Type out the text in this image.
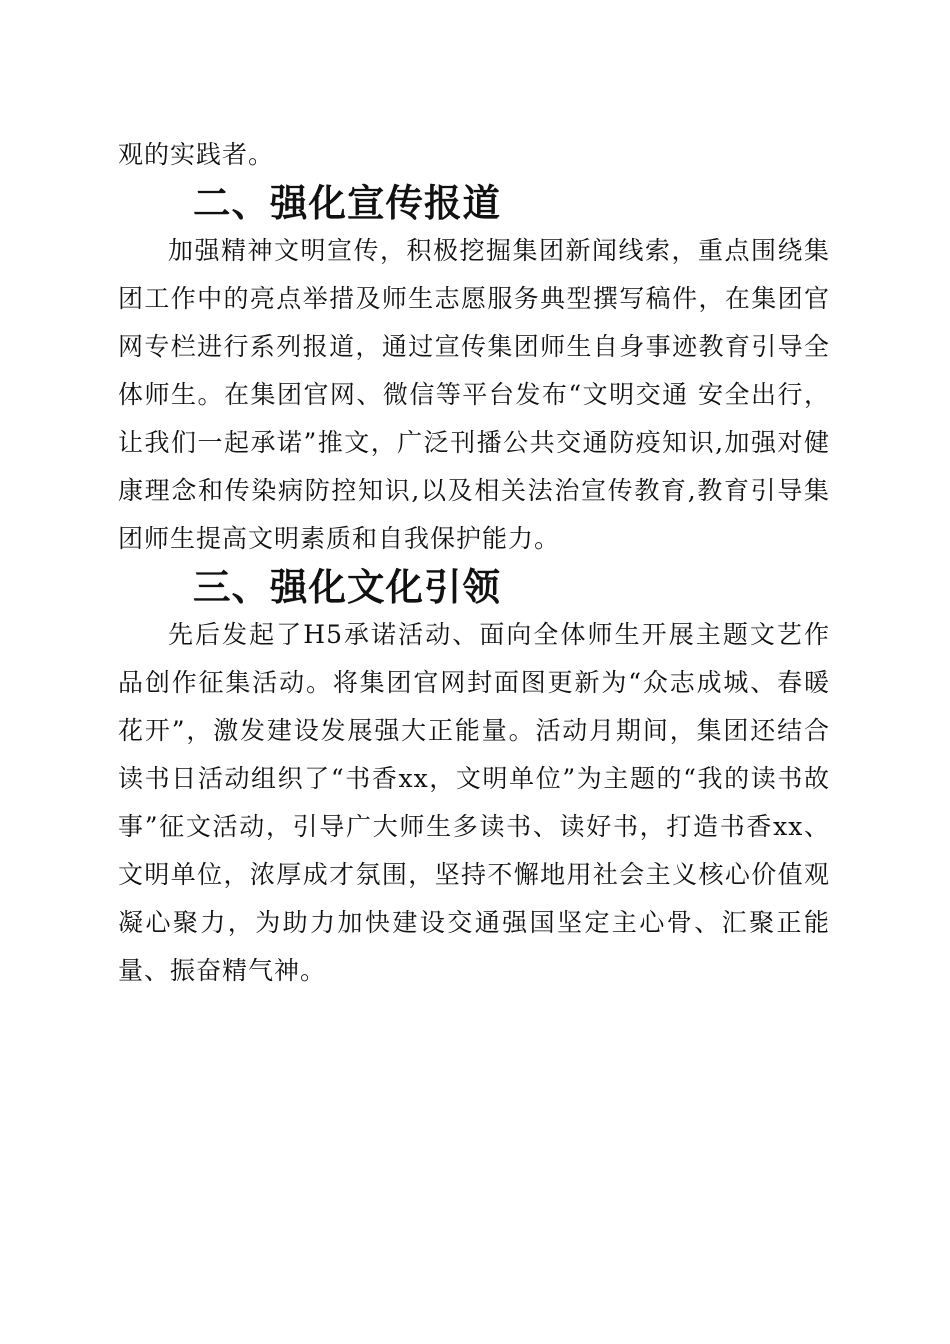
观的实践者。

二、强化宣传报道

加强精神文明宣传，积极挖掘集团新闻线索，重点围绕集团工作中的亮点举措及师生志愿服务典型撰写稿件，在集团官网专栏进行系列报道，通过宣传集团师生自身事迹教育引导全体师生。在集团官网、微信等平台发布“文明交通 安全出行，让我们一起承诺”推文，广泛刊播公共交通防疫知识,加强对健康理念和传染病防控知识,以及相关法治宣传教育,教育引导集团师生提高文明素质和自我保护能力。

三、强化文化引领

先后发起了H5承诺活动、面向全体师生开展主题文艺作品创作征集活动。将集团官网封面图更新为“众志成城、春暖花开”，激发建设发展强大正能量。活动月期间，集团还结合读书日活动组织了“书香xx，文明单位”为主题的“我的读书故事”征文活动，引导广大师生多读书、读好书，打造书香xx、文明单位，浓厚成才氛围，坚持不懈地用社会主义核心价值观凝心聚力，为助力加快建设交通强国坚定主心骨、汇聚正能量、振奋精气神。
